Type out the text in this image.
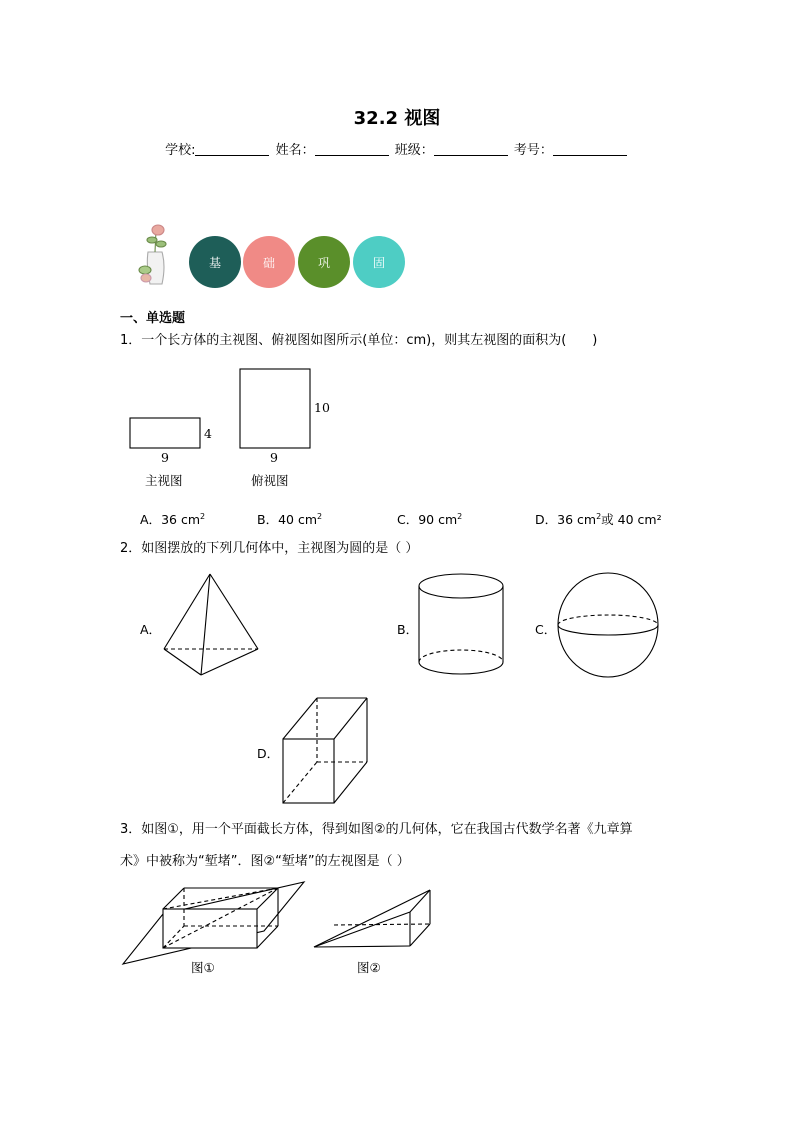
32.2 视图
学校:	姓名：	班级：	考号：
基	础	巩	固
一、单选题
1．一个长方体的主视图、俯视图如图所示(单位：cm)，则其左视图的面积为(　　)
4
9
主视图
10
9
俯视图
A．36 $cm^2$	B．40 $cm^2$	C．90 $cm^2$	D．36 $cm^2$或 40 cm²
2．如图摆放的下列几何体中，主视图为圆的是（ ）
A．	B．	C．
D．
3．如图①，用一个平面截长方体，得到如图②的几何体，它在我国古代数学名著《九章算
术》中被称为“堑堵”．图②“堑堵”的左视图是（ ）
图①	图②
